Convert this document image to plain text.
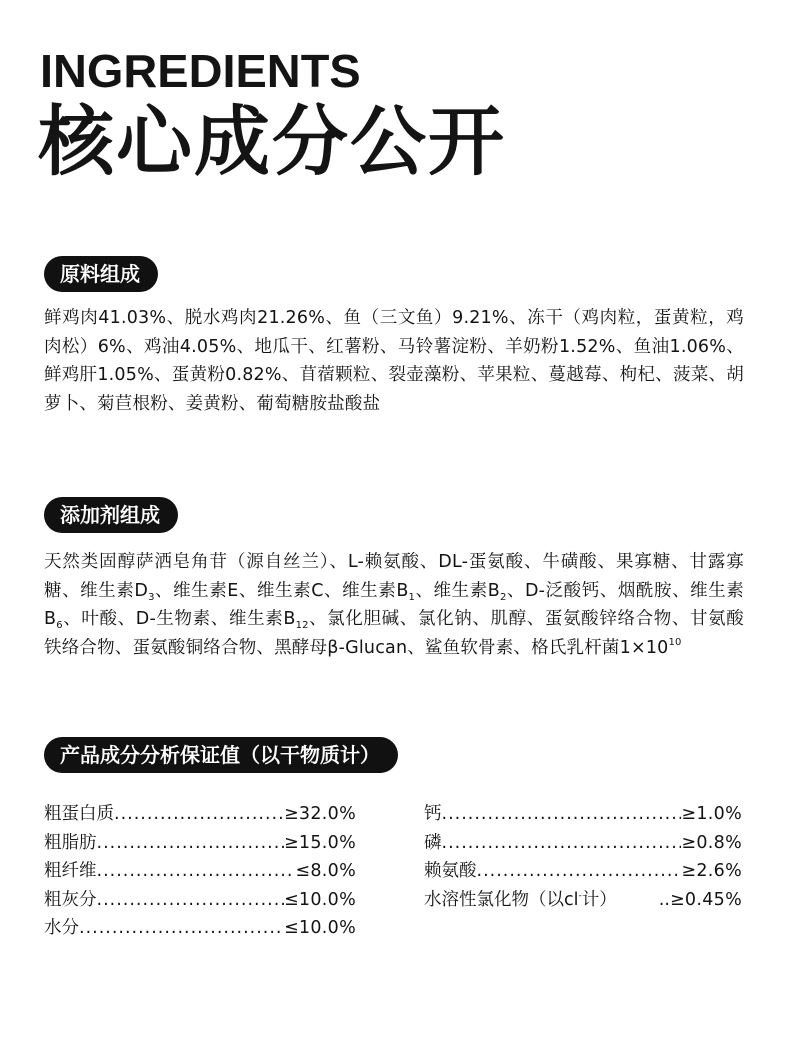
INGREDIENTS
核心成分公开
原料组成
鲜鸡肉41.03%、脱水鸡肉21.26%、鱼（三文鱼）9.21%、冻干（鸡肉粒，蛋黄粒，鸡肉松）6%、鸡油4.05%、地瓜干、红薯粉、马铃薯淀粉、羊奶粉1.52%、鱼油1.06%、鲜鸡肝1.05%、蛋黄粉0.82%、苜蓿颗粒、裂壶藻粉、苹果粒、蔓越莓、枸杞、菠菜、胡萝卜、菊苣根粉、姜黄粉、葡萄糖胺盐酸盐
添加剂组成
天然类固醇萨洒皂角苷（源自丝兰）、L-赖氨酸、DL-蛋氨酸、牛磺酸、果寡糖、甘露寡糖、维生素$D_3$、维生素E、维生素C、维生素$B_1$、维生素$B_2$、D-泛酸钙、烟酰胺、维生素$B_6$、叶酸、D-生物素、维生素$B_{12}$、氯化胆碱、氯化钠、肌醇、蛋氨酸锌络合物、甘氨酸铁络合物、蛋氨酸铜络合物、黑酵母β-Glucan、鲨鱼软骨素、格氏乳杆菌$1\times 10^{10}$
产品成分分析保证值（以干物质计）
粗蛋白质 .....	≥32.0%
粗脂肪 .....	≥15.0%
粗纤维 .....	≤8.0%
粗灰分 .....	≤10.0%
水分 .....	≤10.0%
钙 .....	≥1.0%
磷 .....	≥0.8%
赖氨酸 .....	≥2.6%
水溶性氯化物（以cl-计）	.. ≥0.45%
